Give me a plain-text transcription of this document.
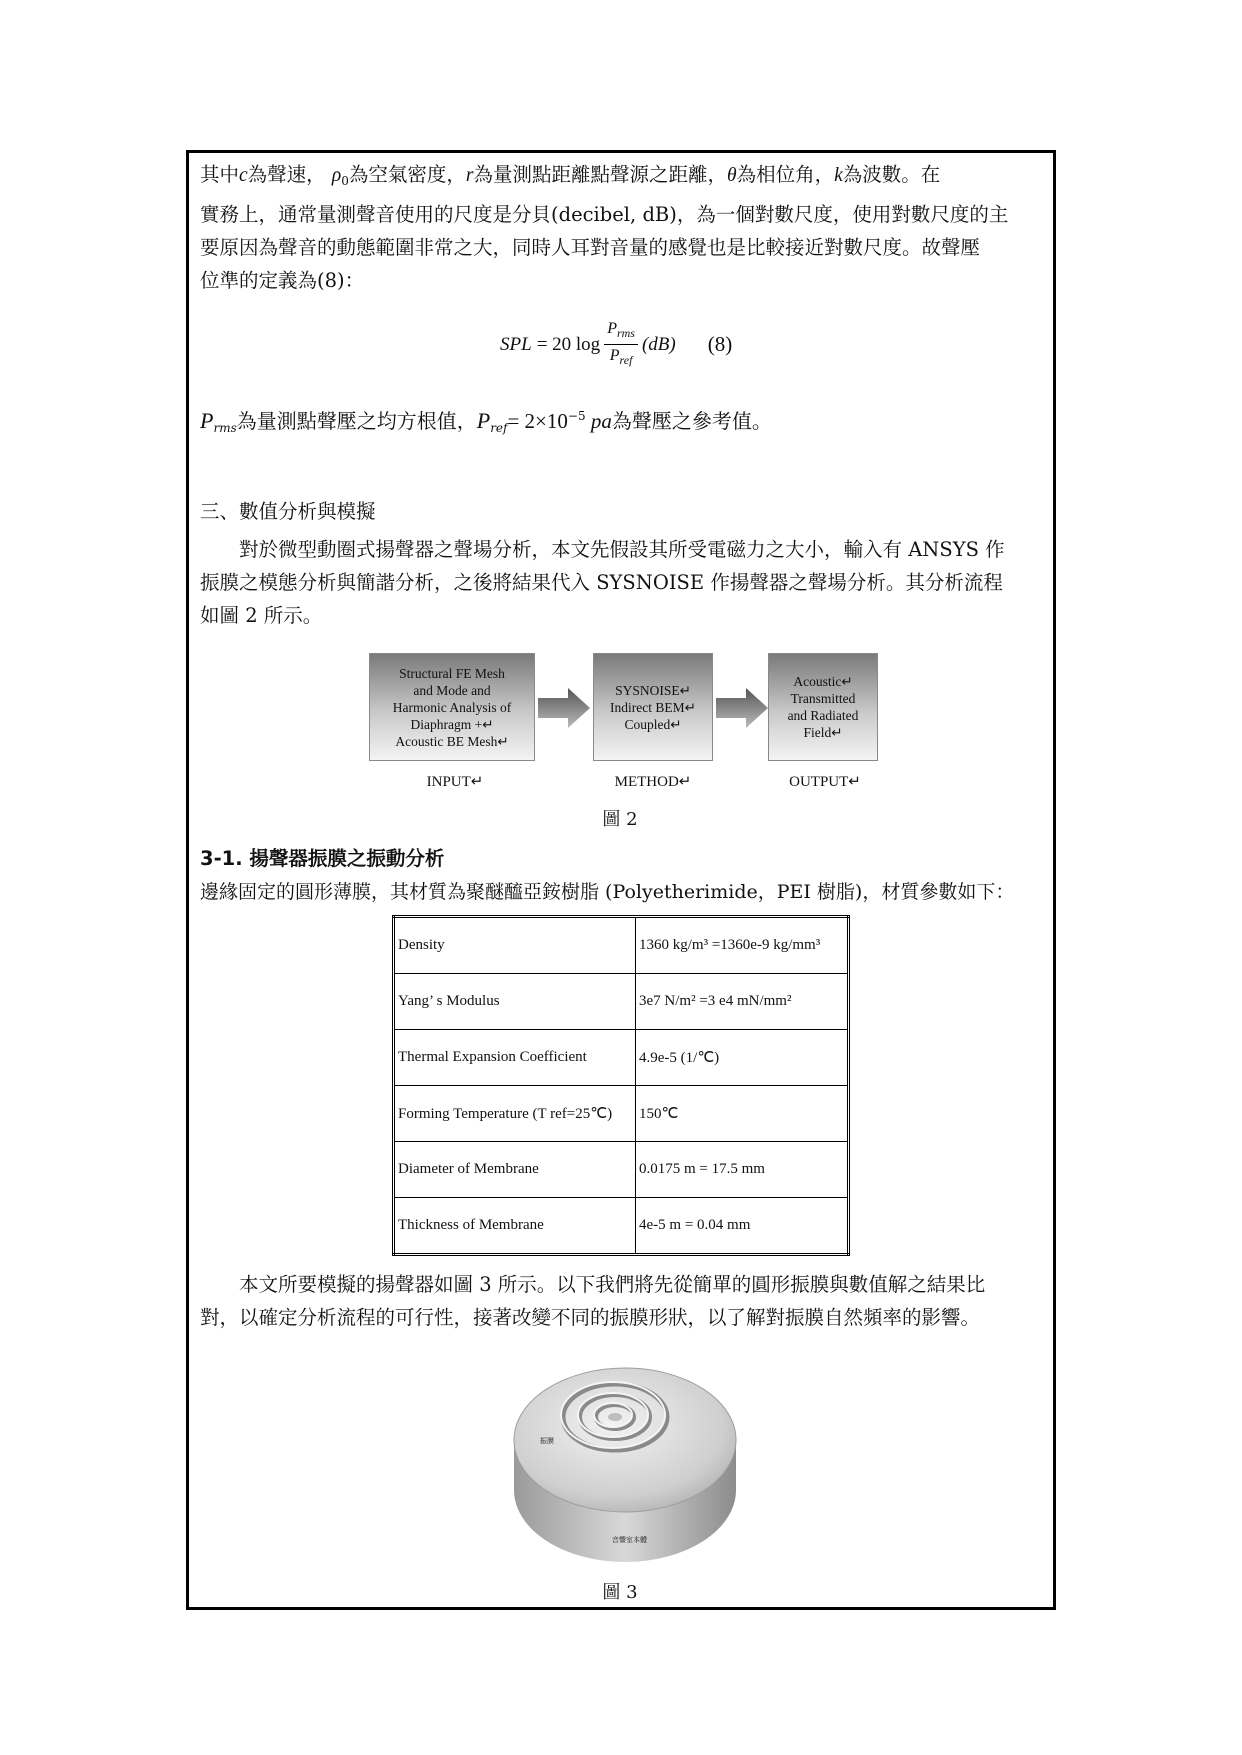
其中c為聲速， $\rho_0$為空氣密度，r為量測點距離點聲源之距離，θ為相位角，k為波數。在
實務上，通常量測聲音使用的尺度是分貝(decibel, dB)，為一個對數尺度，使用對數尺度的主
要原因為聲音的動態範圍非常之大，同時人耳對音量的感覺也是比較接近對數尺度。故聲壓
位準的定義為(8)：

SPL = 20 $\log \frac{P_{rms}}{P_{ref}} (dB)$ (8)

$P_{rms}$為量測點聲壓之均方根值，$P_{ref}= 2\times 10^{-5}$ pa為聲壓之參考值。

三、數值分析與模擬

　　對於微型動圈式揚聲器之聲場分析，本文先假設其所受電磁力之大小，輸入有 ANSYS 作
振膜之模態分析與簡諧分析，之後將結果代入 SYSNOISE 作揚聲器之聲場分析。其分析流程
如圖 2 所示。

Structural FE Mesh
and Mode and
Harmonic Analysis of
Diaphragm +↵
Acoustic BE Mesh↵
SYSNOISE↵
Indirect BEM↵
Coupled↵
Acoustic↵
Transmitted
and Radiated
Field↵
INPUT↵	METHOD↵	OUTPUT↵
圖 2
3-1. 揚聲器振膜之振動分析

邊緣固定的圓形薄膜，其材質為聚醚醯亞銨樹脂 (Polyetherimide，PEI 樹脂)，材質參數如下：

Density	1360 kg/m³ =1360e-9 kg/mm³
Yang’ s Modulus	3e7 N/m² =3 e4 mN/mm²
Thermal Expansion Coefficient	4.9e-5 (1/℃)
Forming Temperature (T ref=25℃)	150℃
Diameter of Membrane	0.0175 m = 17.5 mm
Thickness of Membrane	4e-5 m = 0.04 mm

　　本文所要模擬的揚聲器如圖 3 所示。以下我們將先從簡單的圓形振膜與數值解之結果比
對，以確定分析流程的可行性，接著改變不同的振膜形狀，以了解對振膜自然頻率的影響。

振膜
音響室本體
圖 3
